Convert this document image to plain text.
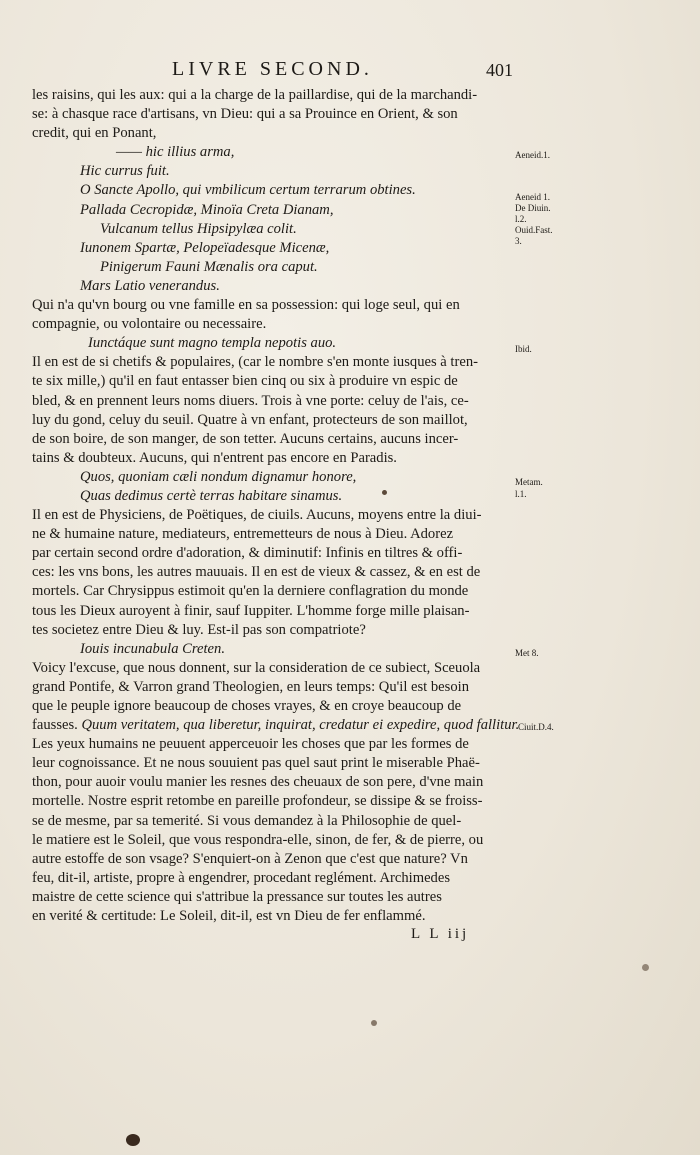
LIVRE SECOND.	401
les raisins, qui les aux: qui a la charge de la paillardise, qui de la marchandi-
se: à chasque race d'artisans, vn Dieu: qui a sa Prouince en Orient, & son
credit, qui en Ponant,
—— hic illius arma,
Hic currus fuit.
O Sancte Apollo, qui vmbilicum certum terrarum obtines.
Pallada Cecropidæ, Minoïa Creta Dianam,
Vulcanum tellus Hipsipylæa colit.
Iunonem Spartæ, Pelopeïadesque Micenæ,
Pinigerum Fauni Mænalis ora caput.
Mars Latio venerandus.
Qui n'a qu'vn bourg ou vne famille en sa possession: qui loge seul, qui en
compagnie, ou volontaire ou necessaire.
Iunctáque sunt magno templa nepotis auo.
Il en est de si chetifs & populaires, (car le nombre s'en monte iusques à tren-
te six mille,) qu'il en faut entasser bien cinq ou six à produire vn espic de
bled, & en prennent leurs noms diuers. Trois à vne porte: celuy de l'ais, ce-
luy du gond, celuy du seuil. Quatre à vn enfant, protecteurs de son maillot,
de son boire, de son manger, de son tetter. Aucuns certains, aucuns incer-
tains & doubteux. Aucuns, qui n'entrent pas encore en Paradis.
Quos, quoniam cæli nondum dignamur honore,
Quas dedimus certè terras habitare sinamus.
Il en est de Physiciens, de Poëtiques, de ciuils. Aucuns, moyens entre la diui-
ne & humaine nature, mediateurs, entremetteurs de nous à Dieu. Adorez
par certain second ordre d'adoration, & diminutif: Infinis en tiltres & offi-
ces: les vns bons, les autres mauuais. Il en est de vieux & cassez, & en est de
mortels. Car Chrysippus estimoit qu'en la derniere conflagration du monde
tous les Dieux auroyent à finir, sauf Iuppiter. L'homme forge mille plaisan-
tes societez entre Dieu & luy. Est-il pas son compatriote?
Iouis incunabula Creten.
Voicy l'excuse, que nous donnent, sur la consideration de ce subiect, Sceuola
grand Pontife, & Varron grand Theologien, en leurs temps: Qu'il est besoin
que le peuple ignore beaucoup de choses vrayes, & en croye beaucoup de
fausses. Quum veritatem, qua liberetur, inquirat, credatur ei expedire, quod fallitur.
Les yeux humains ne peuuent apperceuoir les choses que par les formes de
leur cognoissance. Et ne nous souuient pas quel saut print le miserable Phaë-
thon, pour auoir voulu manier les resnes des cheuaux de son pere, d'vne main
mortelle. Nostre esprit retombe en pareille profondeur, se dissipe & se froiss-
se de mesme, par sa temerité. Si vous demandez à la Philosophie de quel-
le matiere est le Soleil, que vous respondra-elle, sinon, de fer, & de pierre, ou
autre estoffe de son vsage? S'enquiert-on à Zenon que c'est que nature? Vn
feu, dit-il, artiste, propre à engendrer, procedant reglément. Archimedes
maistre de cette science qui s'attribue la pressance sur toutes les autres
en verité & certitude: Le Soleil, dit-il, est vn Dieu de fer enflammé.
Aeneid.1.
Aeneid 1.
De Diuin.
l.2.
Ouid.Fast.
3.
Ibid.
Metam.
l.1.
Met 8.
Ciuit.D.4.
L L iij
